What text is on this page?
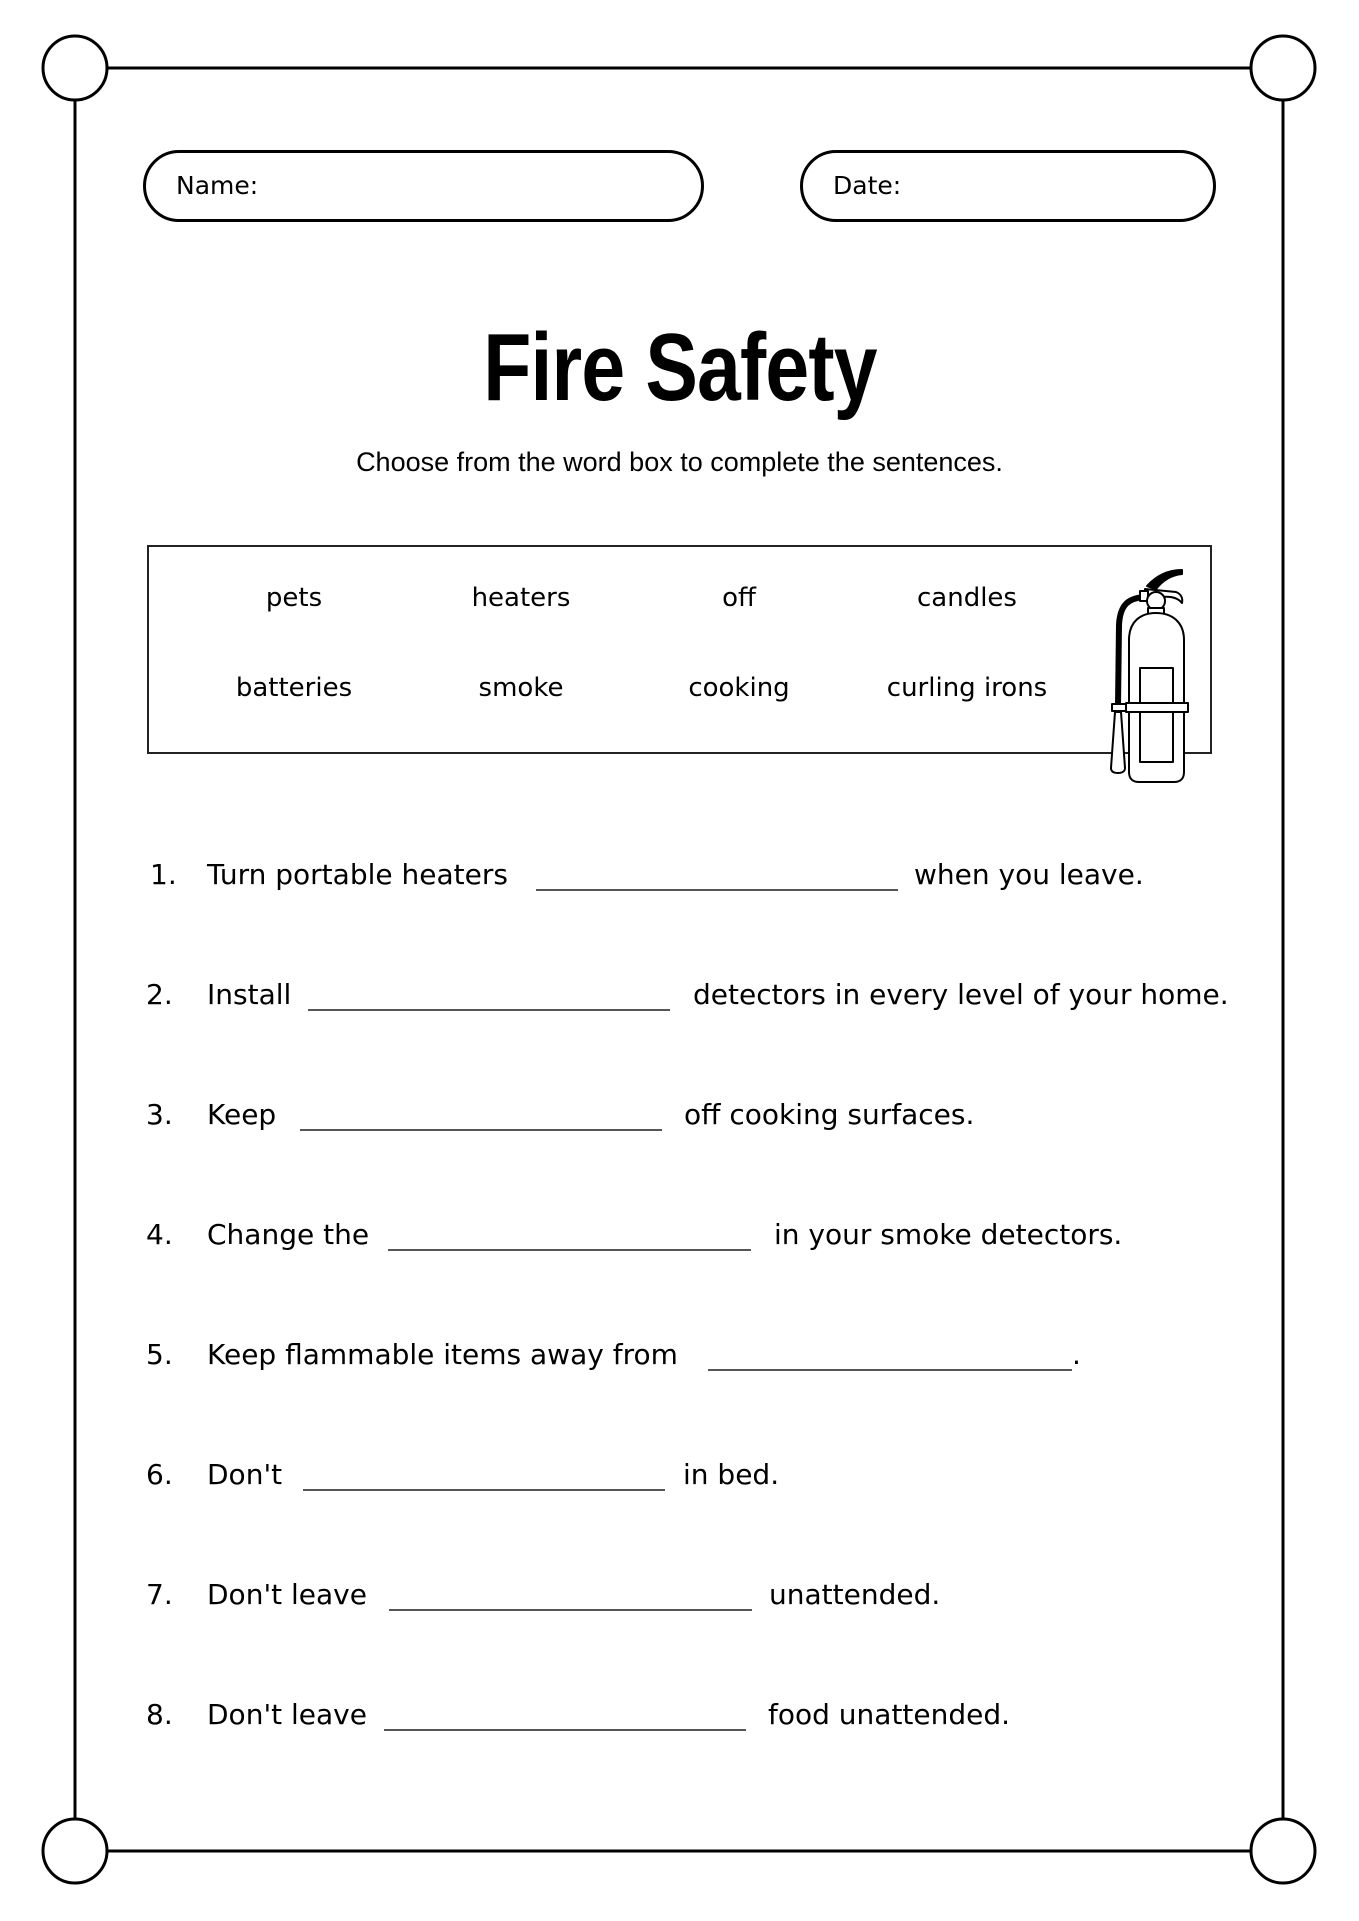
Name:	Date:
Fire Safety
Choose from the word box to complete the sentences.
pets	heaters	off	candles
batteries	smoke	cooking	curling irons
1.	Turn portable heaters	when you leave.
2.	Install	detectors in every level of your home.
3.	Keep	off cooking surfaces.
4.	Change the	in your smoke detectors.
5.	Keep flammable items away from	.
6.	Don't	in bed.
7.	Don't leave	unattended.
8.	Don't leave	food unattended.
